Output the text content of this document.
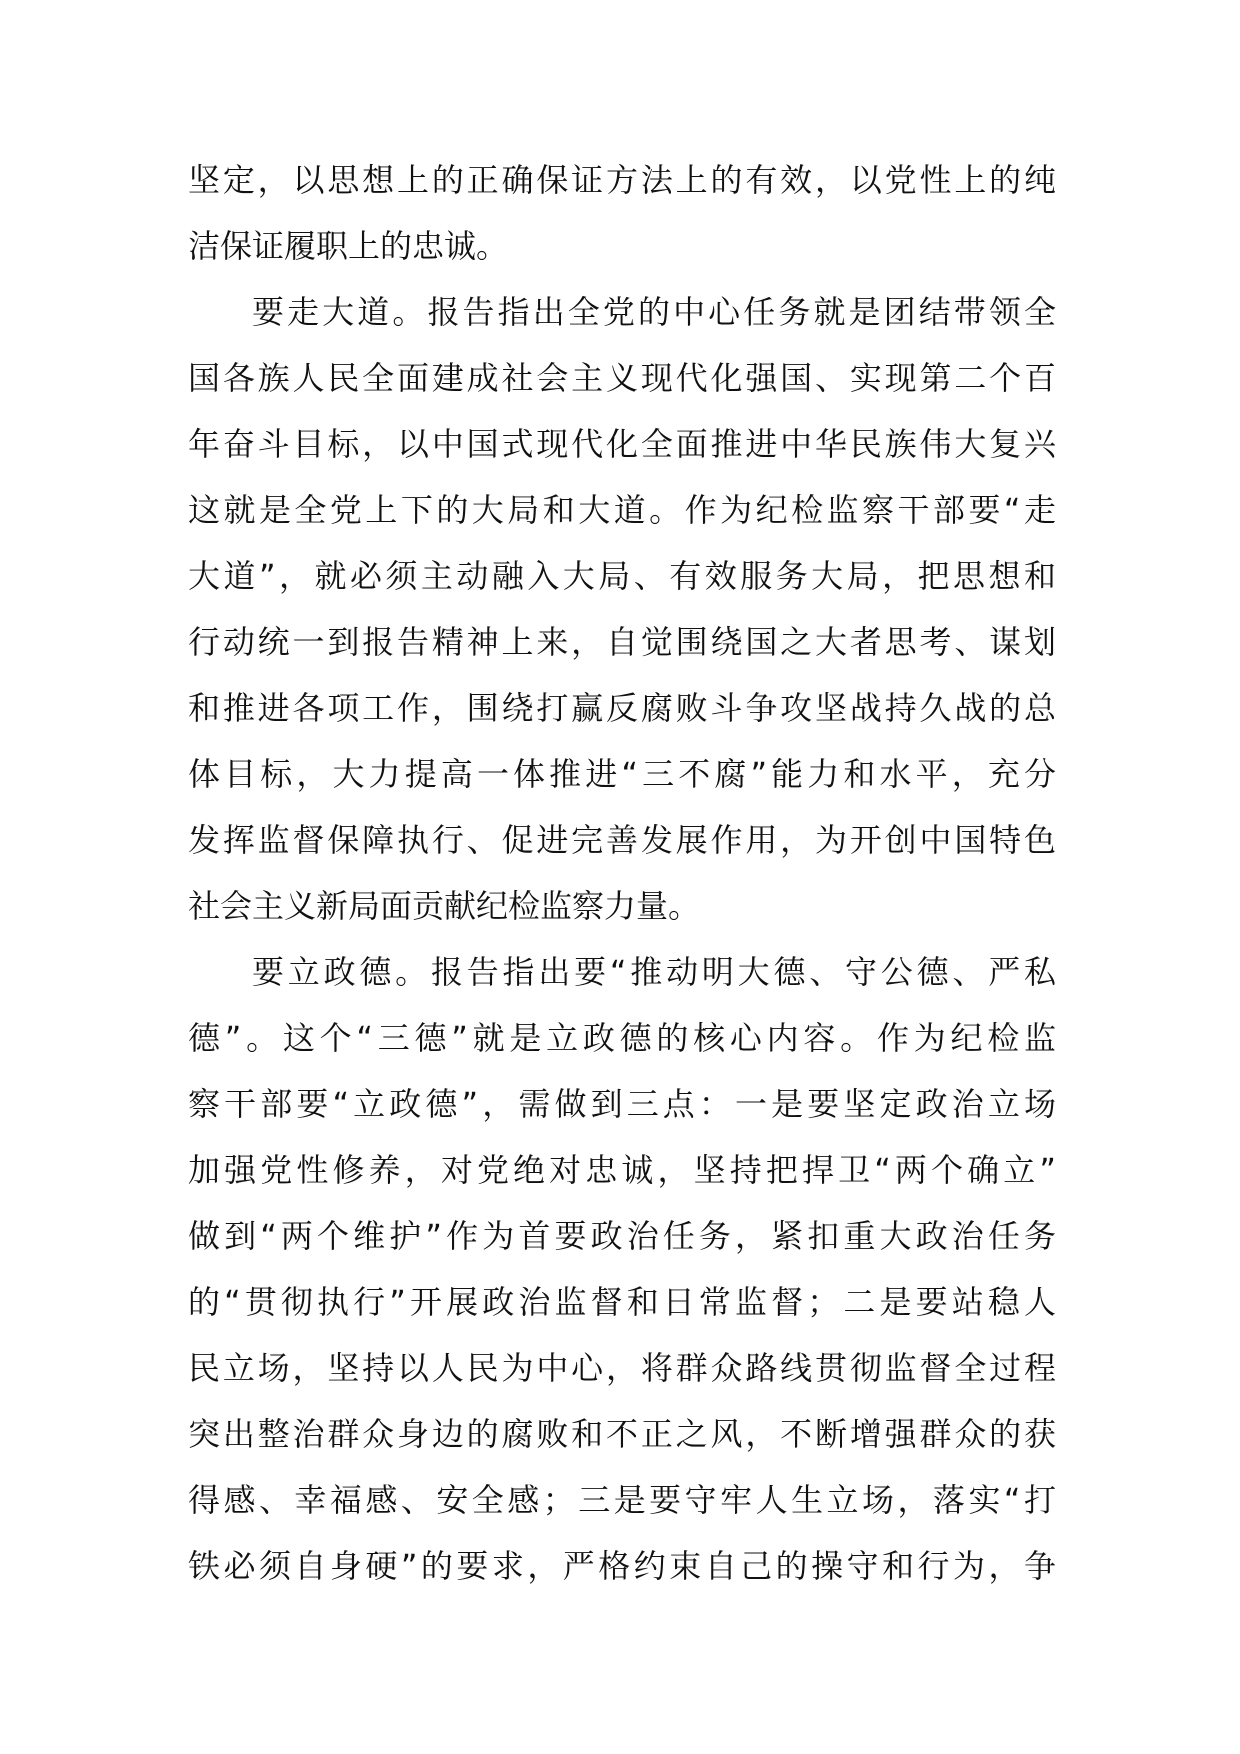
坚定，以思想上的正确保证方法上的有效，以党性上的纯
洁保证履职上的忠诚。
要走大道。报告指出全党的中心任务就是团结带领全
国各族人民全面建成社会主义现代化强国、实现第二个百
年奋斗目标，以中国式现代化全面推进中华民族伟大复兴
这就是全党上下的大局和大道。作为纪检监察干部要“走
大道”，就必须主动融入大局、有效服务大局，把思想和
行动统一到报告精神上来，自觉围绕国之大者思考、谋划
和推进各项工作，围绕打赢反腐败斗争攻坚战持久战的总
体目标，大力提高一体推进“三不腐”能力和水平，充分
发挥监督保障执行、促进完善发展作用，为开创中国特色
社会主义新局面贡献纪检监察力量。
要立政德。报告指出要“推动明大德、守公德、严私
德”。这个“三德”就是立政德的核心内容。作为纪检监
察干部要“立政德”，需做到三点：一是要坚定政治立场
加强党性修养，对党绝对忠诚，坚持把捍卫“两个确立”
做到“两个维护”作为首要政治任务，紧扣重大政治任务
的“贯彻执行”开展政治监督和日常监督；二是要站稳人
民立场，坚持以人民为中心，将群众路线贯彻监督全过程
突出整治群众身边的腐败和不正之风，不断增强群众的获
得感、幸福感、安全感；三是要守牢人生立场，落实“打
铁必须自身硬”的要求，严格约束自己的操守和行为，争
